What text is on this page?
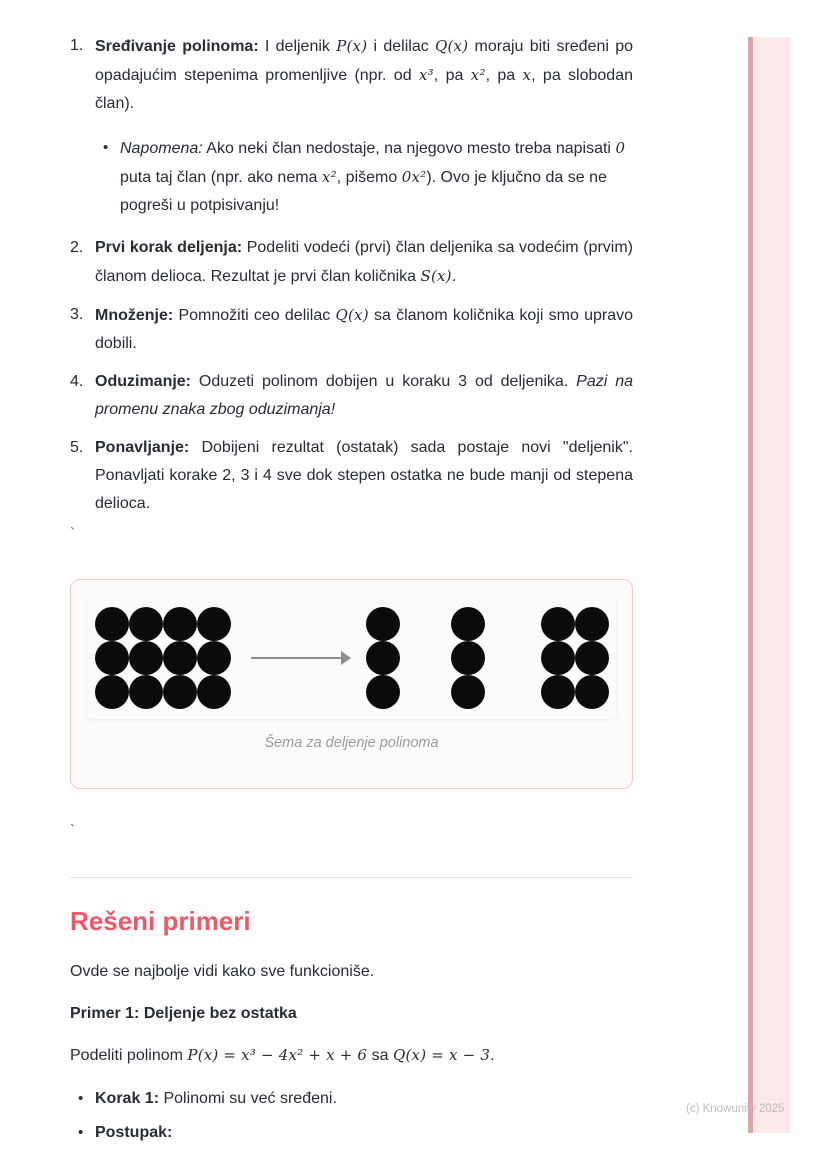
1. Sređivanje polinoma: I deljenik P(x) i delilac Q(x) moraju biti sređeni po opadajućim stepenima promenljive (npr. od x³, pa x², pa x, pa slobodan član).

• Napomena: Ako neki član nedostaje, na njegovo mesto treba napisati 0 puta taj član (npr. ako nema x², pišemo 0x²). Ovo je ključno da se ne pogreši u potpisivanju!

2. Prvi korak deljenja: Podeliti vodeći (prvi) član deljenika sa vodećim (prvim) članom delioca. Rezultat je prvi član količnika S(x).

3. Množenje: Pomnožiti ceo delilac Q(x) sa članom količnika koji smo upravo dobili.

4. Oduzimanje: Oduzeti polinom dobijen u koraku 3 od deljenika. Pazi na promenu znaka zbog oduzimanja!

5. Ponavljanje: Dobijeni rezultat (ostatak) sada postaje novi "deljenik". Ponavljati korake 2, 3 i 4 sve dok stepen ostatka ne bude manji od stepena delioca.

`
Šema za deljenje polinoma
`
Rešeni primeri

Ovde se najbolje vidi kako sve funkcioniše.

Primer 1: Deljenje bez ostatka

Podeliti polinom P(x) = x³ − 4x² + x + 6 sa Q(x) = x − 3.

• Korak 1: Polinomi su već sređeni.

• Postupak:

(c) Knowunity 2025
